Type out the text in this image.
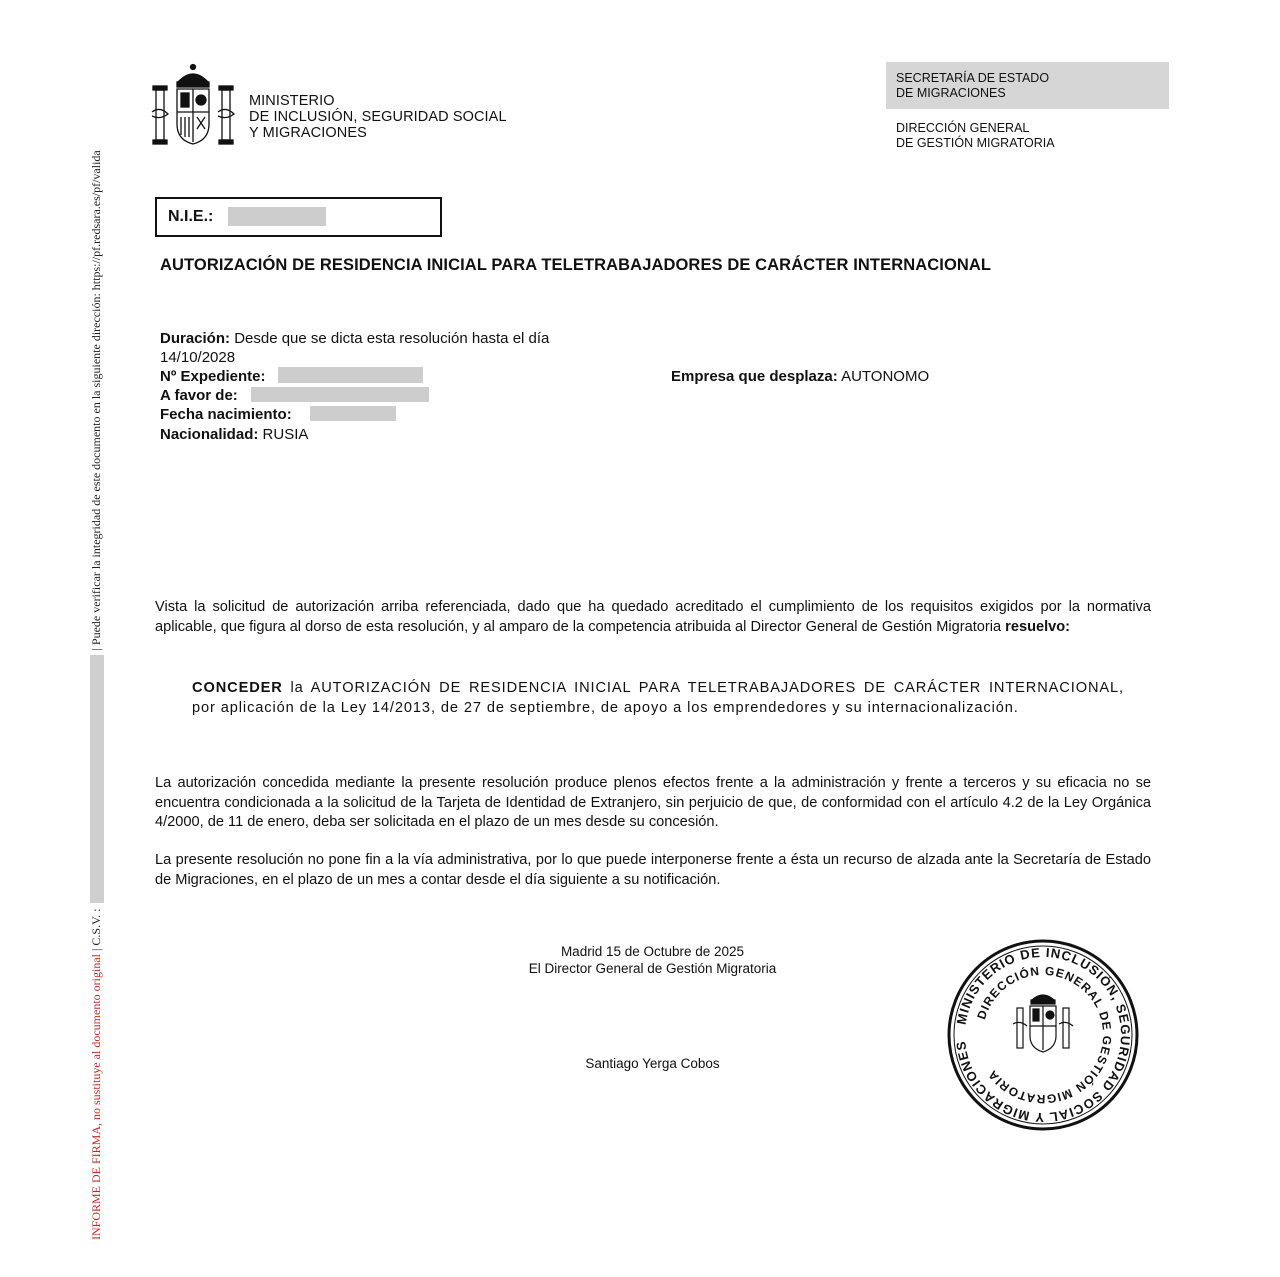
INFORME DE FIRMA, no sustituye al documento original | C.S.V. :  | Puede verificar la integridad de este documento en la siguiente dirección: https://pf.redsara.es/pf/valida
MINISTERIO
DE INCLUSIÓN, SEGURIDAD SOCIAL
Y MIGRACIONES
SECRETARÍA DE ESTADO
DE MIGRACIONES
DIRECCIÓN GENERAL
DE GESTIÓN MIGRATORIA
N.I.E.:
AUTORIZACIÓN DE RESIDENCIA INICIAL PARA TELETRABAJADORES DE CARÁCTER INTERNACIONAL
Duración: Desde que se dicta esta resolución hasta el día
14/10/2028
Nº Expediente:
A favor de:
Fecha nacimiento:
Nacionalidad: RUSIA
Empresa que desplaza: AUTONOMO
Vista la solicitud de autorización arriba referenciada, dado que ha quedado acreditado el cumplimiento de los requisitos exigidos por la normativa aplicable, que figura al dorso de esta resolución, y al amparo de la competencia atribuida al Director General de Gestión Migratoria resuelvo:
CONCEDER la AUTORIZACIÓN DE RESIDENCIA INICIAL PARA TELETRABAJADORES DE CARÁCTER INTERNACIONAL, por aplicación de la Ley 14/2013, de 27 de septiembre, de apoyo a los emprendedores y su internacionalización.
La autorización concedida mediante la presente resolución produce plenos efectos frente a la administración y frente a terceros y su eficacia no se encuentra condicionada a la solicitud de la Tarjeta de Identidad de Extranjero, sin perjuicio de que, de conformidad con el artículo 4.2 de la Ley Orgánica 4/2000, de 11 de enero, deba ser solicitada en el plazo de un mes desde su concesión.
La presente resolución no pone fin a la vía administrativa, por lo que puede interponerse frente a ésta un recurso de alzada ante la Secretaría de Estado de Migraciones, en el plazo de un mes a contar desde el día siguiente a su notificación.
Madrid 15 de Octubre de 2025
El Director General de Gestión Migratoria
Santiago Yerga Cobos
MINISTERIO DE INCLUSIÓN, SEGURIDAD SOCIAL Y MIGRACIONES
DIRECCIÓN GENERAL DE GESTIÓN MIGRATORIA
